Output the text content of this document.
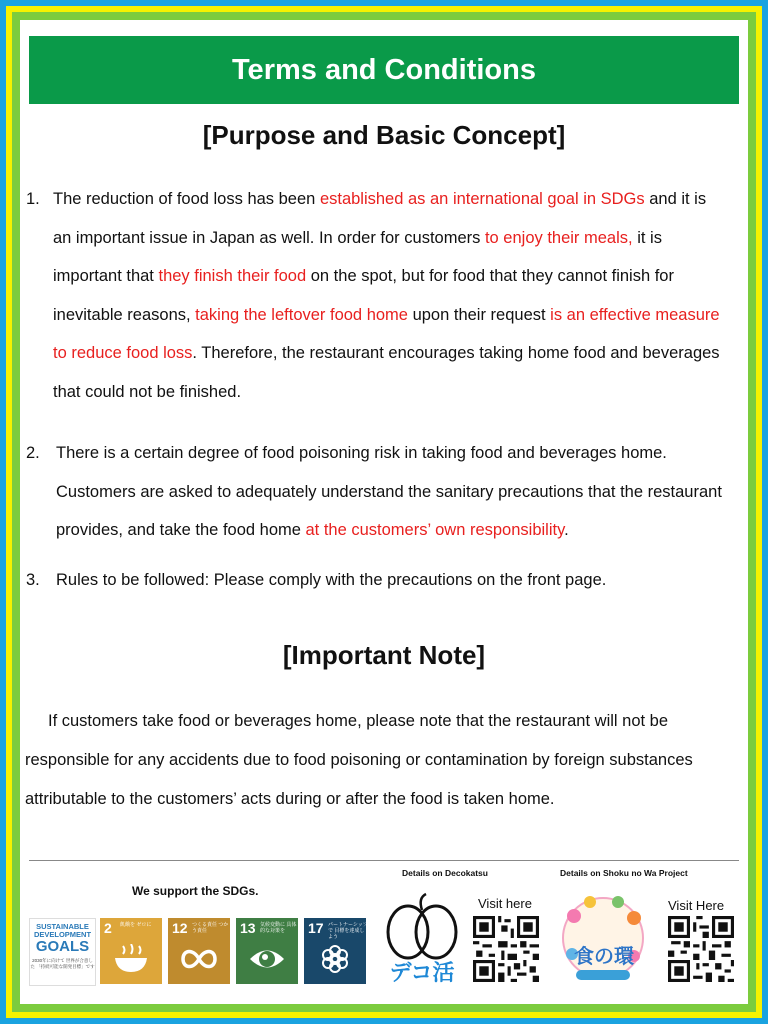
Terms and Conditions
[Purpose and Basic Concept]
1. The reduction of food loss has been established as an international goal in SDGs and it is an important issue in Japan as well. In order for customers to enjoy their meals, it is important that they finish their food on the spot, but for food that they cannot finish for inevitable reasons, taking the leftover food home upon their request is an effective measure to reduce food loss. Therefore, the restaurant encourages taking home food and beverages that could not be finished.
2. There is a certain degree of food poisoning risk in taking food and beverages home. Customers are asked to adequately understand the sanitary precautions that the restaurant provides, and take the food home at the customers’ own responsibility.
3. Rules to be followed: Please comply with the precautions on the front page.
[Important Note]
If customers take food or beverages home, please note that the restaurant will not be responsible for any accidents due to food poisoning or contamination by foreign substances attributable to the customers’ acts during or after the food is taken home.
We support the SDGs.
SUSTAINABLE
DEVELOPMENT
GOALS
2030年に向けて 世界が合意した 「持続可能な開発目標」です
2 飢餓を ゼロに	12 つくる責任 つかう責任	13 気候変動に 具体的な対策を	17 パートナーシップで 目標を達成しよう
Details on Decokatsu
デコ活
Visit here
Details on Shoku no Wa Project
食の環
Visit Here
